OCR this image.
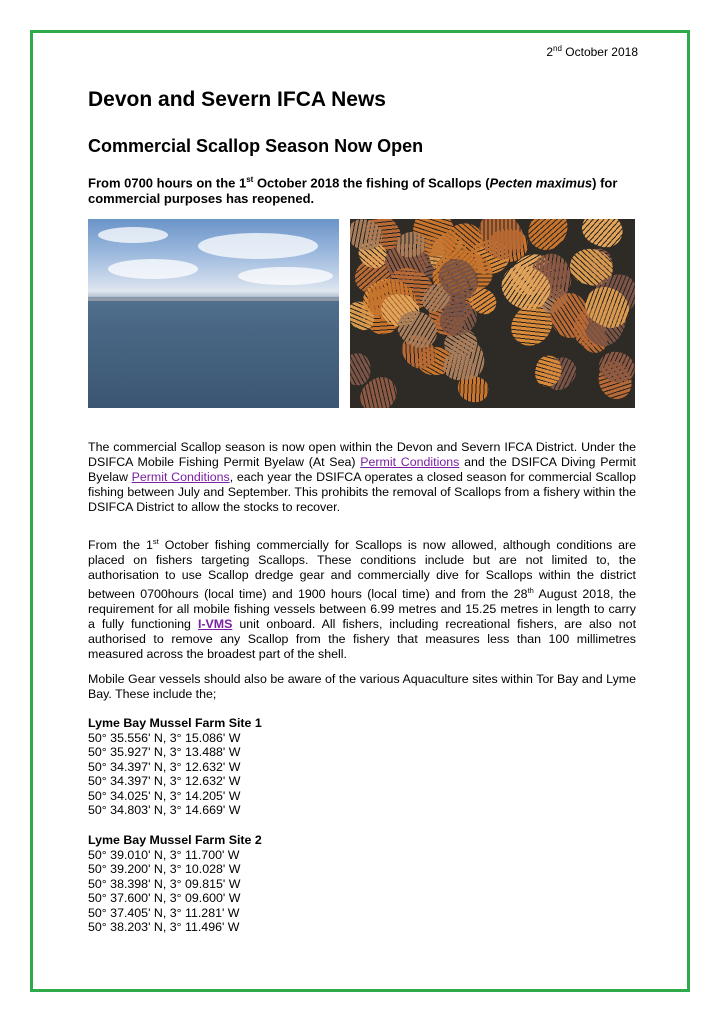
2nd October 2018
Devon and Severn IFCA News
Commercial Scallop Season Now Open

From 0700 hours on the 1st October 2018 the fishing of Scallops (Pecten maximus) for commercial purposes has reopened.

The commercial Scallop season is now open within the Devon and Severn IFCA District. Under the DSIFCA Mobile Fishing Permit Byelaw (At Sea) Permit Conditions and the DSIFCA Diving Permit Byelaw Permit Conditions, each year the DSIFCA operates a closed season for commercial Scallop fishing between July and September. This prohibits the removal of Scallops from a fishery within the DSIFCA District to allow the stocks to recover.

From the 1st October fishing commercially for Scallops is now allowed, although conditions are placed on fishers targeting Scallops. These conditions include but are not limited to, the authorisation to use Scallop dredge gear and commercially dive for Scallops within the district between 0700hours (local time) and 1900 hours (local time) and from the 28th August 2018, the requirement for all mobile fishing vessels between 6.99 metres and 15.25 metres in length to carry a fully functioning I-VMS unit onboard. All fishers, including recreational fishers, are also not authorised to remove any Scallop from the fishery that measures less than 100 millimetres measured across the broadest part of the shell.

Mobile Gear vessels should also be aware of the various Aquaculture sites within Tor Bay and Lyme Bay. These include the;

Lyme Bay Mussel Farm Site 1

50° 35.556' N, 3° 15.086' W
50° 35.927' N, 3° 13.488' W
50° 34.397' N, 3° 12.632' W
50° 34.397' N, 3° 12.632' W
50° 34.025' N, 3° 14.205' W
50° 34.803' N, 3° 14.669' W

Lyme Bay Mussel Farm Site 2

50° 39.010' N, 3° 11.700' W
50° 39.200' N, 3° 10.028' W
50° 38.398' N, 3° 09.815' W
50° 37.600' N, 3° 09.600' W
50° 37.405' N, 3° 11.281' W
50° 38.203' N, 3° 11.496' W
